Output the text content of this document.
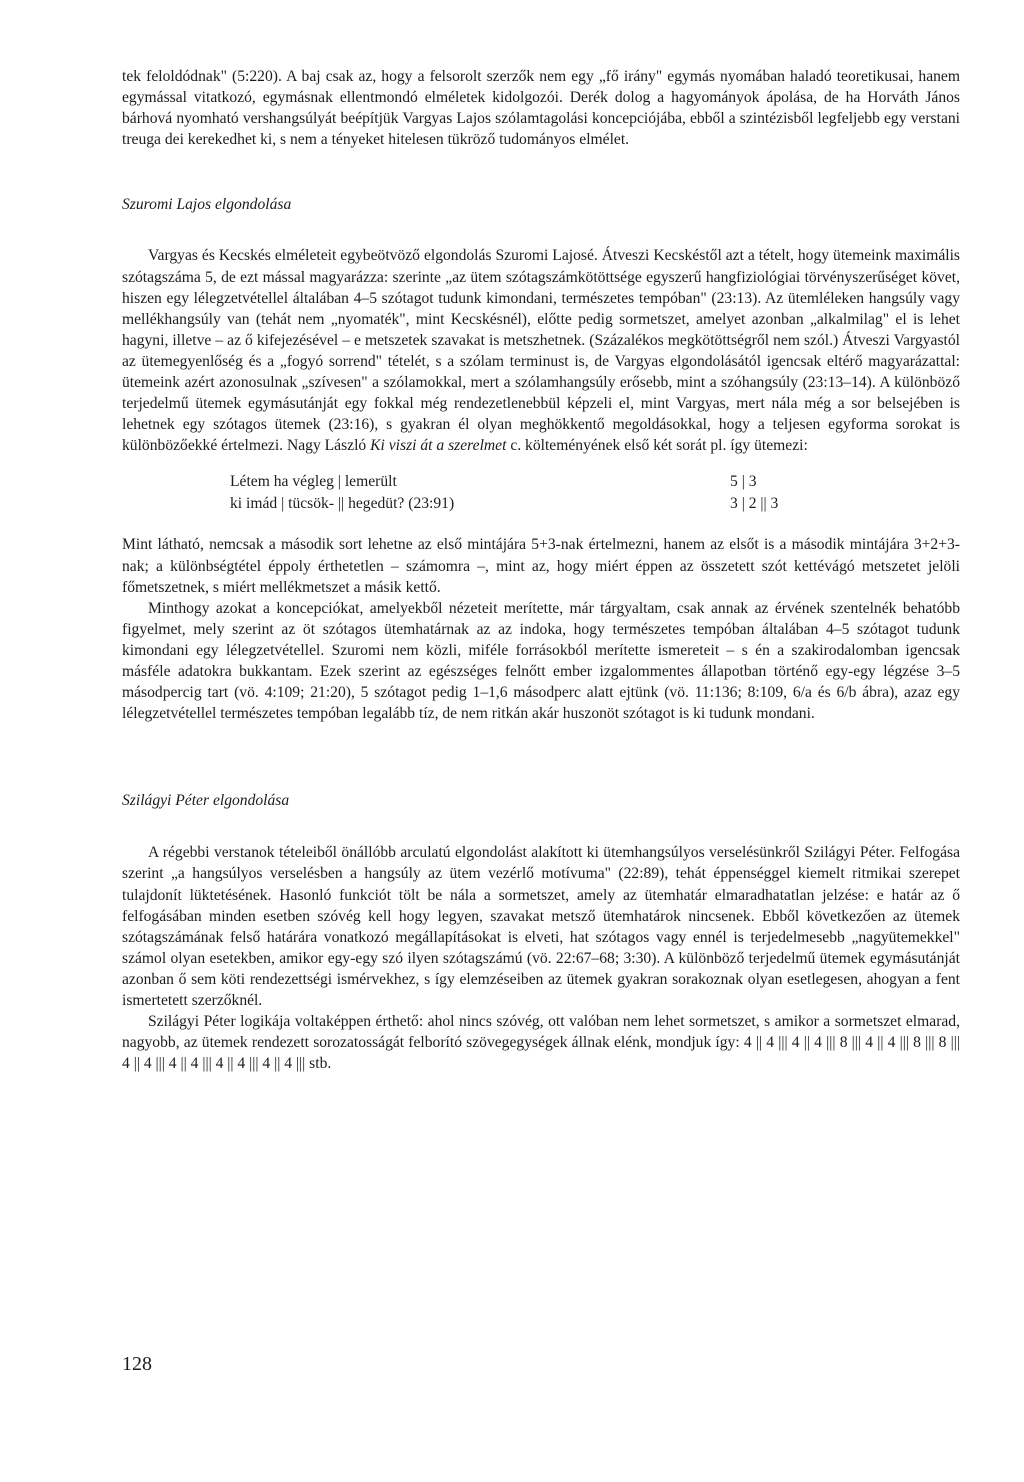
tek feloldódnak" (5:220). A baj csak az, hogy a felsorolt szerzők nem egy „fő irány" egymás nyomában haladó teoretikusai, hanem egymással vitatkozó, egymásnak ellentmondó elméletek kidolgozói. Derék dolog a hagyományok ápolása, de ha Horváth János bárhová nyomható vershangsúlyát beépítjük Vargyas Lajos szólamtagolási koncepciójába, ebből a szintézisből legfeljebb egy verstani treuga dei kerekedhet ki, s nem a tényeket hitelesen tükröző tudományos elmélet.

Szuromi Lajos elgondolása

Vargyas és Kecskés elméleteit egybeötvöző elgondolás Szuromi Lajosé. Átveszi Kecskéstől azt a tételt, hogy ütemeink maximális szótagszáma 5, de ezt mással magyarázza: szerinte „az ütem szótagszámkötöttsége egyszerű hangfiziológiai törvényszerűséget követ, hiszen egy lélegzetvétellel általában 4–5 szótagot tudunk kimondani, természetes tempóban" (23:13). Az ütemléleken hangsúly vagy mellékhangsúly van (tehát nem „nyomaték", mint Kecskésnél), előtte pedig sormetszet, amelyet azonban „alkalmilag" el is lehet hagyni, illetve – az ő kifejezésével – e metszetek szavakat is metszhetnek. (Százalékos megkötöttségről nem szól.) Átveszi Vargyastól az ütemegyenlőség és a „fogyó sorrend" tételét, s a szólam terminust is, de Vargyas elgondolásától igencsak eltérő magyarázattal: ütemeink azért azonosulnak „szívesen" a szólamokkal, mert a szólamhangsúly erősebb, mint a szóhangsúly (23:13–14). A különböző terjedelmű ütemek egymásutánját egy fokkal még rendezetlenebbül képzeli el, mint Vargyas, mert nála még a sor belsejében is lehetnek egy szótagos ütemek (23:16), s gyakran él olyan meghökkentő megoldásokkal, hogy a teljesen egyforma sorokat is különbözőekké értelmezi. Nagy László Ki viszi át a szerelmet c. költeményének első két sorát pl. így ütemezi:

Létem ha végleg | lemerült	5 | 3
ki imád | tücsök- || hegedüt? (23:91)	3 | 2 || 3

Mint látható, nemcsak a második sort lehetne az első mintájára 5+3-nak értelmezni, hanem az elsőt is a második mintájára 3+2+3-nak; a különbségtétel éppoly érthetetlen – számomra –, mint az, hogy miért éppen az összetett szót kettévágó metszetet jelöli főmetszetnek, s miért mellékmetszet a másik kettő.

Minthogy azokat a koncepciókat, amelyekből nézeteit merítette, már tárgyaltam, csak annak az érvének szentelnék behatóbb figyelmet, mely szerint az öt szótagos ütemhatárnak az az indoka, hogy természetes tempóban általában 4–5 szótagot tudunk kimondani egy lélegzetvétellel. Szuromi nem közli, miféle forrásokból merítette ismereteit – s én a szakirodalomban igencsak másféle adatokra bukkantam. Ezek szerint az egészséges felnőtt ember izgalommentes állapotban történő egy-egy légzése 3–5 másodpercig tart (vö. 4:109; 21:20), 5 szótagot pedig 1–1,6 másodperc alatt ejtünk (vö. 11:136; 8:109, 6/a és 6/b ábra), azaz egy lélegzetvétellel természetes tempóban legalább tíz, de nem ritkán akár huszonöt szótagot is ki tudunk mondani.

Szilágyi Péter elgondolása

A régebbi verstanok tételeiből önállóbb arculatú elgondolást alakított ki ütemhangsúlyos verselésünkről Szilágyi Péter. Felfogása szerint „a hangsúlyos verselésben a hangsúly az ütem vezérlő motívuma" (22:89), tehát éppenséggel kiemelt ritmikai szerepet tulajdonít lüktetésének. Hasonló funkciót tölt be nála a sormetszet, amely az ütemhatár elmaradhatatlan jelzése: e határ az ő felfogásában minden esetben szóvég kell hogy legyen, szavakat metsző ütemhatárok nincsenek. Ebből következően az ütemek szótagszámának felső határára vonatkozó megállapításokat is elveti, hat szótagos vagy ennél is terjedelmesebb „nagyütemekkel" számol olyan esetekben, amikor egy-egy szó ilyen szótagszámú (vö. 22:67–68; 3:30). A különböző terjedelmű ütemek egymásutánját azonban ő sem köti rendezettségi ismérvekhez, s így elemzéseiben az ütemek gyakran sorakoznak olyan esetlegesen, ahogyan a fent ismertetett szerzőknél.

Szilágyi Péter logikája voltaképpen érthető: ahol nincs szóvég, ott valóban nem lehet sormetszet, s amikor a sormetszet elmarad, nagyobb, az ütemek rendezett sorozatosságát felborító szövegegységek állnak elénk, mondjuk így: 4 || 4 ||| 4 || 4 ||| 8 ||| 4 || 4 ||| 8 ||| 8 ||| 4 || 4 ||| 4 || 4 ||| 4 || 4 ||| 4 || 4 ||| stb.

128
